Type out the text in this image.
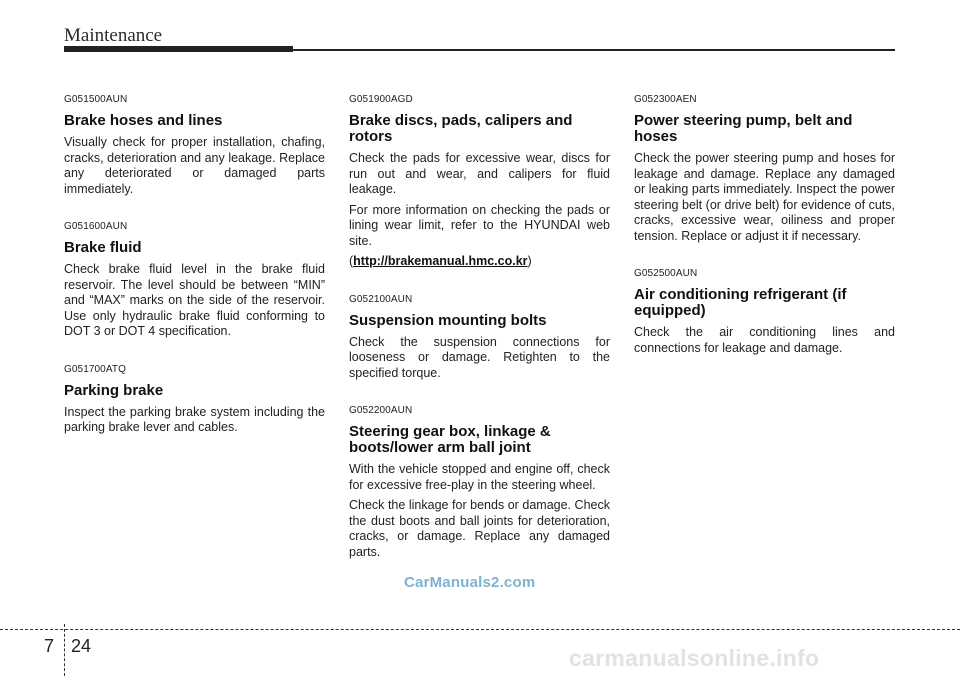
Maintenance

G051500AUN

Brake hoses and lines

Visually check for proper installation, chafing, cracks, deterioration and any leakage. Replace any deteriorated or damaged parts immediately.

G051600AUN

Brake fluid

Check brake fluid level in the brake fluid reservoir. The level should be between “MIN” and “MAX” marks on the side of the reservoir. Use only hydraulic brake fluid conforming to DOT 3 or DOT 4 specification.

G051700ATQ

Parking brake

Inspect the parking brake system including the parking brake lever and cables.

G051900AGD

Brake discs, pads, calipers and rotors

Check the pads for excessive wear, discs for run out and wear, and calipers for fluid leakage.

For more information on checking the pads or lining wear limit, refer to the HYUNDAI web site.

(http://brakemanual.hmc.co.kr)

G052100AUN

Suspension mounting bolts

Check the suspension connections for looseness or damage. Retighten to the specified torque.

G052200AUN

Steering gear box, linkage & boots/lower arm ball joint

With the vehicle stopped and engine off, check for excessive free-play in the steering wheel.

Check the linkage for bends or damage. Check the dust boots and ball joints for deterioration, cracks, or damage. Replace any damaged parts.

G052300AEN

Power steering pump, belt and hoses

Check the power steering pump and hoses for leakage and damage. Replace any damaged or leaking parts immediately. Inspect the power steering belt (or drive belt) for evidence of cuts, cracks, excessive wear, oiliness and proper tension. Replace or adjust it if necessary.

G052500AUN

Air conditioning refrigerant (if equipped)

Check the air conditioning lines and connections for leakage and damage.

CarManuals2.com
7 24	carmanualsonline.info
